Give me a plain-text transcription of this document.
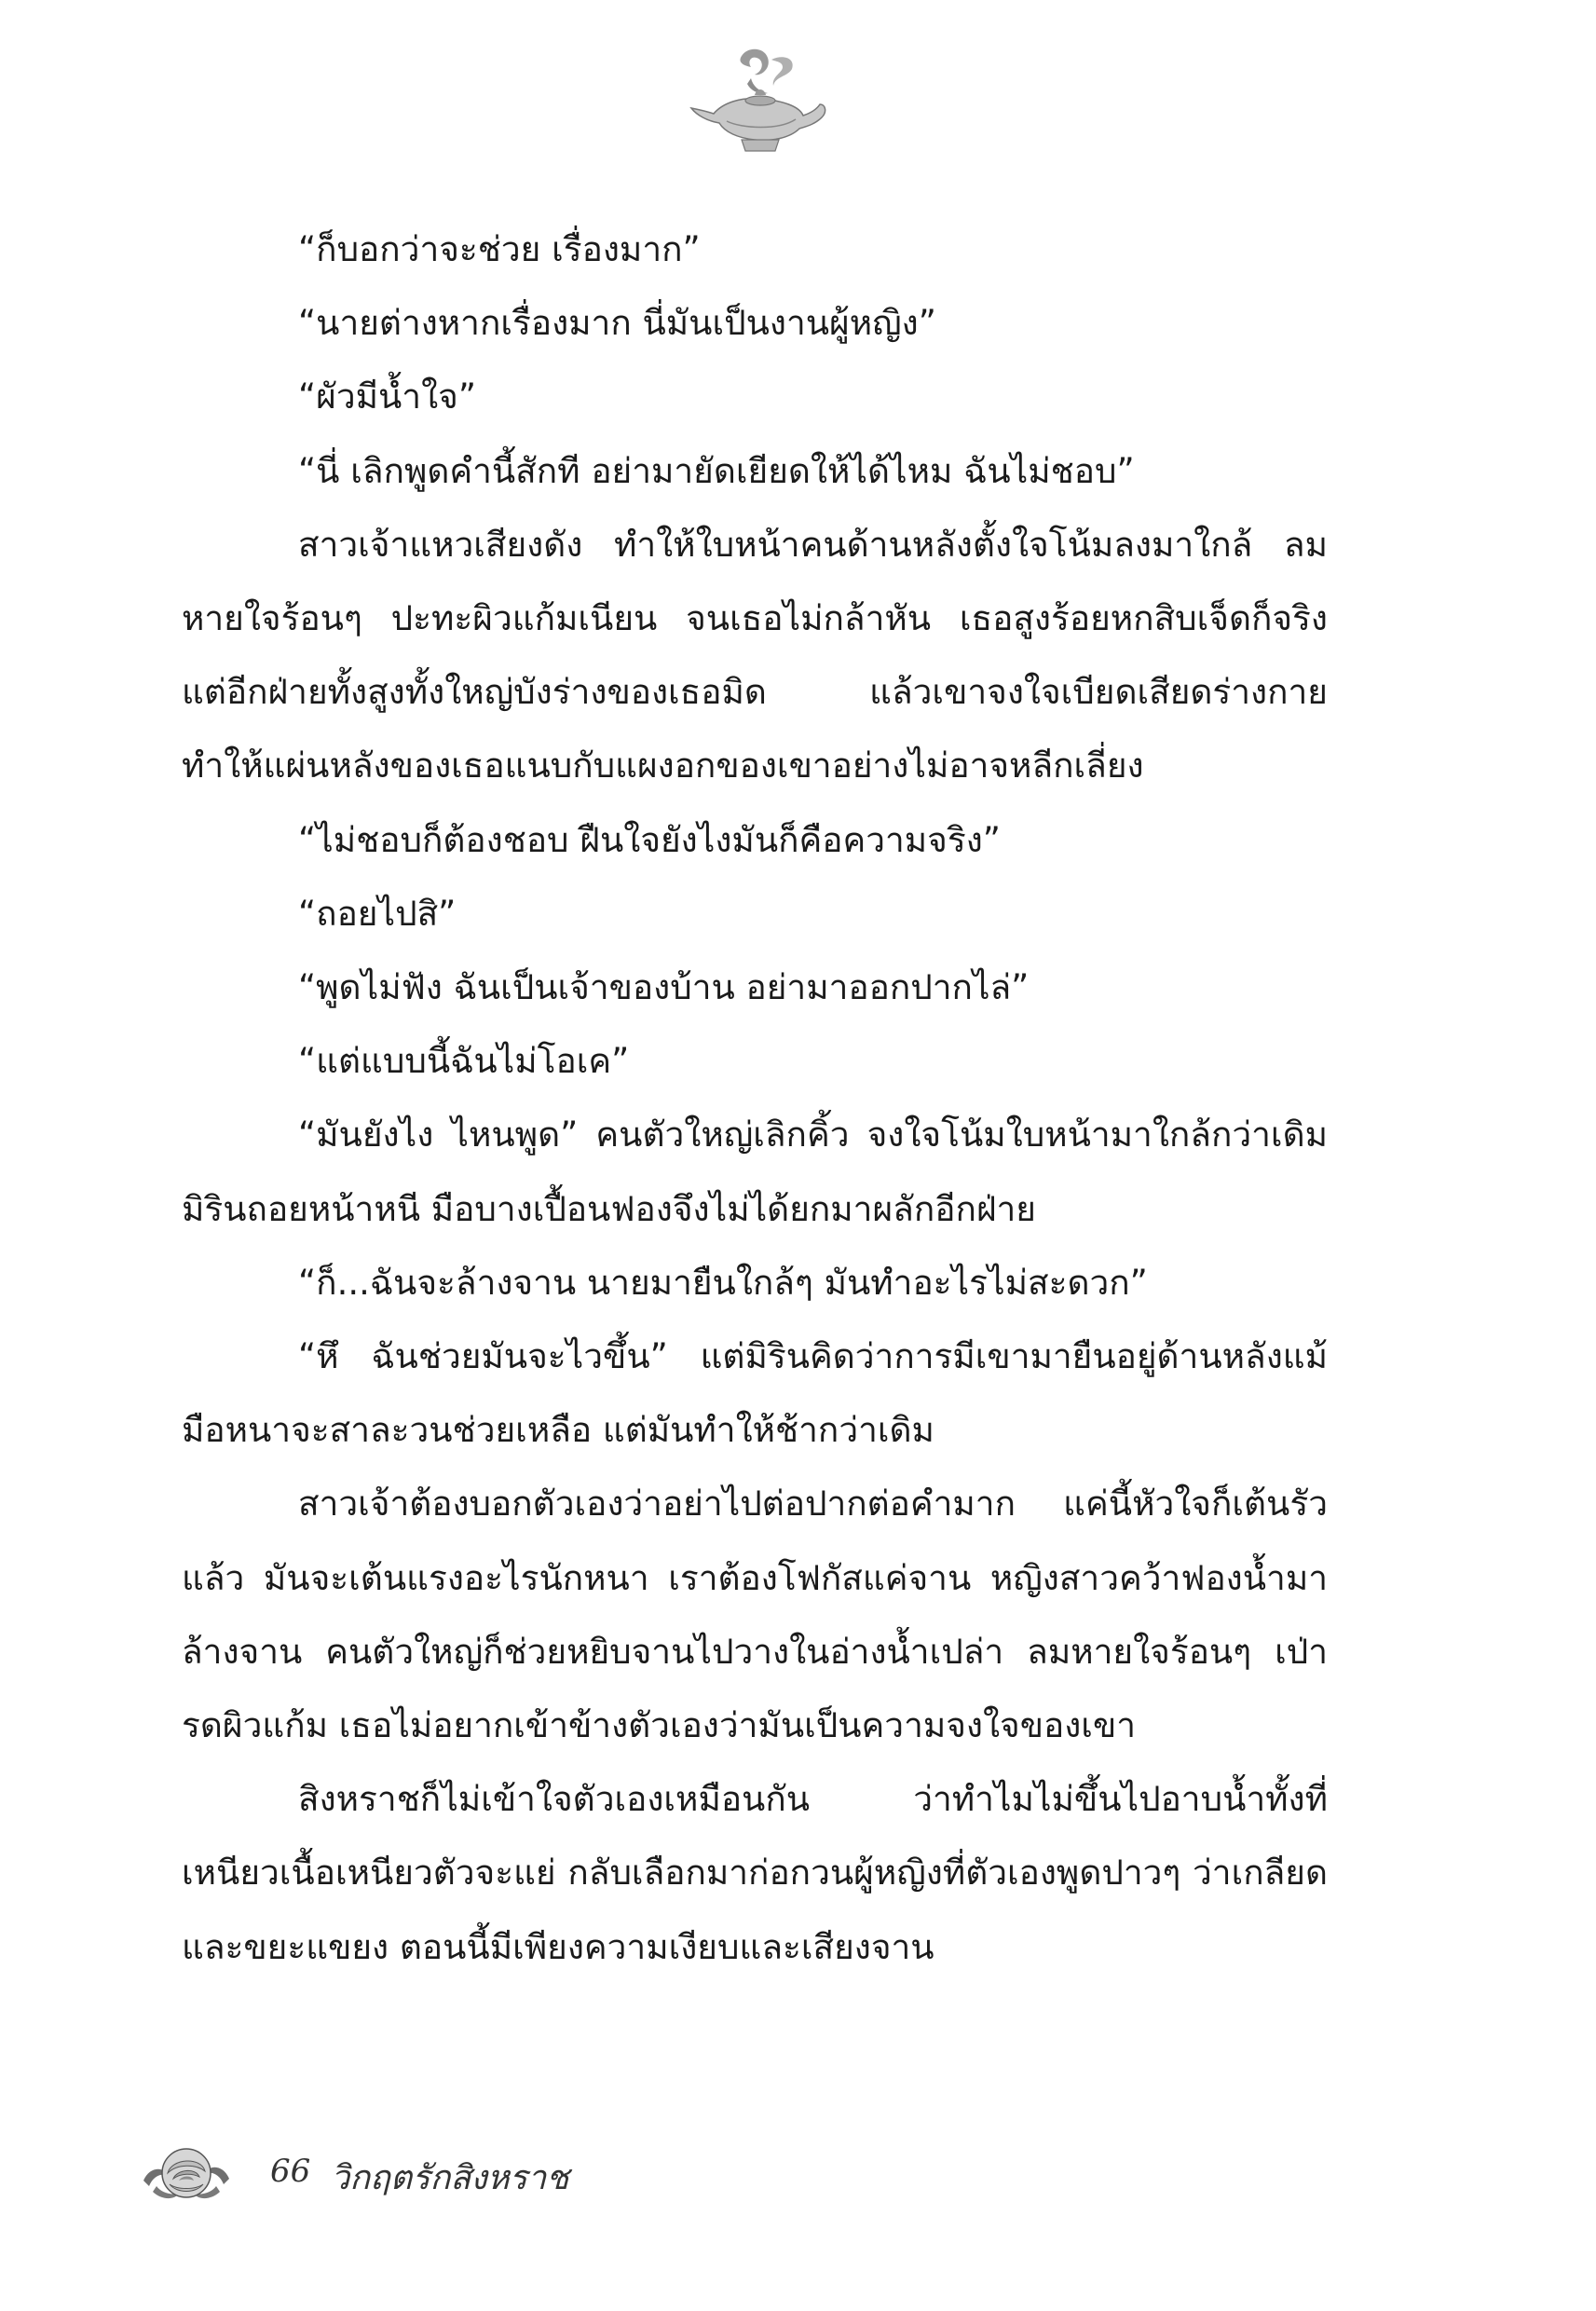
“ก็บอกว่าจะช่วย เรื่องมาก”

“นายต่างหากเรื่องมาก นี่มันเป็นงานผู้หญิง”

“ผัวมีน้ำใจ”

“นี่ เลิกพูดคำนี้สักที อย่ามายัดเยียดให้ได้ไหม ฉันไม่ชอบ”

สาวเจ้าแหวเสียงดัง ทำให้ใบหน้าคนด้านหลังตั้งใจโน้มลงมาใกล้ ลมหายใจร้อนๆ ปะทะผิวแก้มเนียน จนเธอไม่กล้าหัน เธอสูงร้อยหกสิบเจ็ดก็จริง แต่อีกฝ่ายทั้งสูงทั้งใหญ่บังร่างของเธอมิด แล้วเขาจงใจเบียดเสียดร่างกาย ทำให้แผ่นหลังของเธอแนบกับแผงอกของเขาอย่างไม่อาจหลีกเลี่ยง

“ไม่ชอบก็ต้องชอบ ฝืนใจยังไงมันก็คือความจริง”

“ถอยไปสิ”

“พูดไม่ฟัง ฉันเป็นเจ้าของบ้าน อย่ามาออกปากไล่”

“แต่แบบนี้ฉันไม่โอเค”

“มันยังไง ไหนพูด” คนตัวใหญ่เลิกคิ้ว จงใจโน้มใบหน้ามาใกล้กว่าเดิม มิรินถอยหน้าหนี มือบางเปื้อนฟองจึงไม่ได้ยกมาผลักอีกฝ่าย

“ก็...ฉันจะล้างจาน นายมายืนใกล้ๆ มันทำอะไรไม่สะดวก”

“หึ ฉันช่วยมันจะไวขึ้น” แต่มิรินคิดว่าการมีเขามายืนอยู่ด้านหลังแม้มือหนาจะสาละวนช่วยเหลือ แต่มันทำให้ช้ากว่าเดิม

สาวเจ้าต้องบอกตัวเองว่าอย่าไปต่อปากต่อคำมาก แค่นี้หัวใจก็เต้นรัวแล้ว มันจะเต้นแรงอะไรนักหนา เราต้องโฟกัสแค่จาน หญิงสาวคว้าฟองน้ำมาล้างจาน คนตัวใหญ่ก็ช่วยหยิบจานไปวางในอ่างน้ำเปล่า ลมหายใจร้อนๆ เป่ารดผิวแก้ม เธอไม่อยากเข้าข้างตัวเองว่ามันเป็นความจงใจของเขา

สิงหราชก็ไม่เข้าใจตัวเองเหมือนกัน ว่าทำไมไม่ขึ้นไปอาบน้ำทั้งที่เหนียวเนื้อเหนียวตัวจะแย่ กลับเลือกมาก่อกวนผู้หญิงที่ตัวเองพูดปาวๆ ว่าเกลียดและขยะแขยง ตอนนี้มีเพียงความเงียบและเสียงจาน

66 วิกฤตรักสิงหราช
